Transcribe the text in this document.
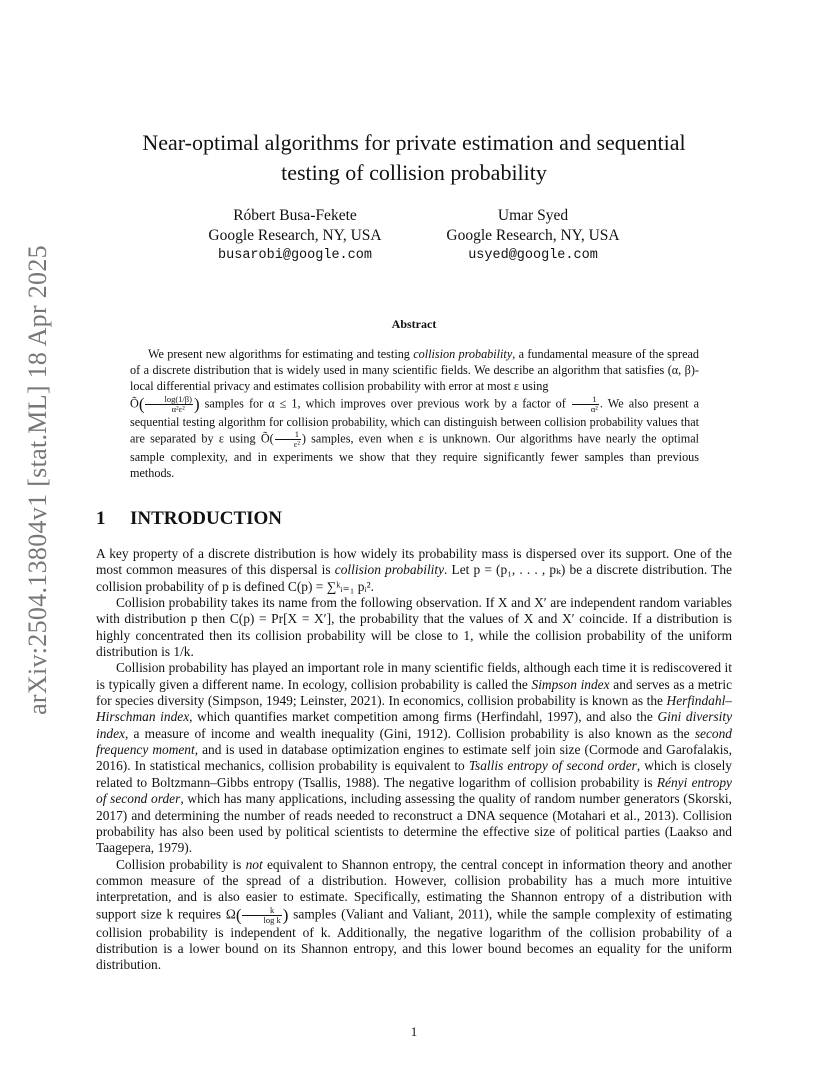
arXiv:2504.13804v1 [stat.ML] 18 Apr 2025
Near-optimal algorithms for private estimation and sequential
testing of collision probability
Róbert Busa-Fekete
Google Research, NY, USA
busarobi@google.com
Umar Syed
Google Research, NY, USA
usyed@google.com
Abstract

We present new algorithms for estimating and testing collision probability, a fundamental measure of the spread of a discrete distribution that is widely used in many scientific fields. We describe an algorithm that satisfies (α, β)-local differential privacy and estimates collision probability with error at most ε using
Õ( $\frac{\log(1/\beta)}{\text{α²ε²}}$ ) samples for α ≤ 1, which improves over previous work by a factor of $\frac{1}{\text{α²}}$ . We also present a sequential testing algorithm for collision probability, which can distinguish between collision probability values that are separated by ε using Õ( $\frac{1}{\text{ε²}}$ ) samples, even when ε is unknown. Our algorithms have nearly the optimal sample complexity, and in experiments we show that they require significantly fewer samples than previous methods.

1 INTRODUCTION

A key property of a discrete distribution is how widely its probability mass is dispersed over its support. One of the most common measures of this dispersal is collision probability. Let p = (p₁, . . . , pₖ) be a discrete distribution. The collision probability of p is defined C(p) = ∑ᵏᵢ₌₁ pᵢ².

Collision probability takes its name from the following observation. If X and X′ are independent random variables with distribution p then C(p) = Pr[X = X′], the probability that the values of X and X′ coincide. If a distribution is highly concentrated then its collision probability will be close to 1, while the collision probability of the uniform distribution is 1/k.

Collision probability has played an important role in many scientific fields, although each time it is rediscovered it is typically given a different name. In ecology, collision probability is called the Simpson index and serves as a metric for species diversity (Simpson, 1949; Leinster, 2021). In economics, collision probability is known as the Herfindahl–Hirschman index, which quantifies market competition among firms (Herfindahl, 1997), and also the Gini diversity index, a measure of income and wealth inequality (Gini, 1912). Collision probability is also known as the second frequency moment, and is used in database optimization engines to estimate self join size (Cormode and Garofalakis, 2016). In statistical mechanics, collision probability is equivalent to Tsallis entropy of second order, which is closely related to Boltzmann–Gibbs entropy (Tsallis, 1988). The negative logarithm of collision probability is Rényi entropy of second order, which has many applications, including assessing the quality of random number generators (Skorski, 2017) and determining the number of reads needed to reconstruct a DNA sequence (Motahari et al., 2013). Collision probability has also been used by political scientists to determine the effective size of political parties (Laakso and Taagepera, 1979).

Collision probability is not equivalent to Shannon entropy, the central concept in information theory and another common measure of the spread of a distribution. However, collision probability has a much more intuitive interpretation, and is also easier to estimate. Specifically, estimating the Shannon entropy of a distribution with support size k requires $\Omega( \frac{k}{\text{log k}}$ ) samples (Valiant and Valiant, 2011), while the sample complexity of estimating collision probability is independent of k. Additionally, the negative logarithm of the collision probability of a distribution is a lower bound on its Shannon entropy, and this lower bound becomes an equality for the uniform distribution.

1
